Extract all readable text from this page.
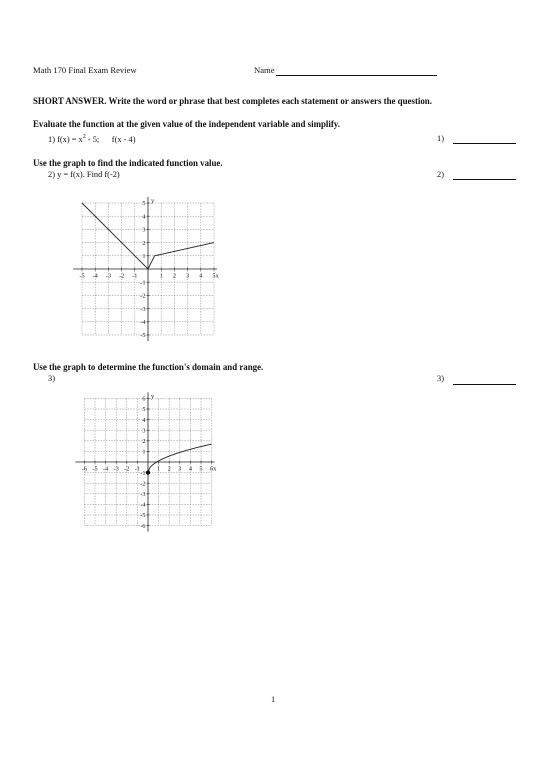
Math 170 Final Exam Review	Name
SHORT ANSWER. Write the word or phrase that best completes each statement or answers the question.
Evaluate the function at the given value of the independent variable and simplify.
1) $f(x) = x^2 - 5$;      f(x - 4)	1)
Use the graph to find the indicated function value.
2) y = f(x). Find f(-2)	2)
-5 -4 -3 -2 -1	1 2 3 4 5
5
4
3
2
1
-1
-2
-3
-4
-5
x
y
Use the graph to determine the function's domain and range.
3)	3)
-6 -5 -4 -3 -2 -1	1 2 3 4 5 6
6
5
4
3
2
1
-1
-2
-3
-4
-5
-6
x
y
1
